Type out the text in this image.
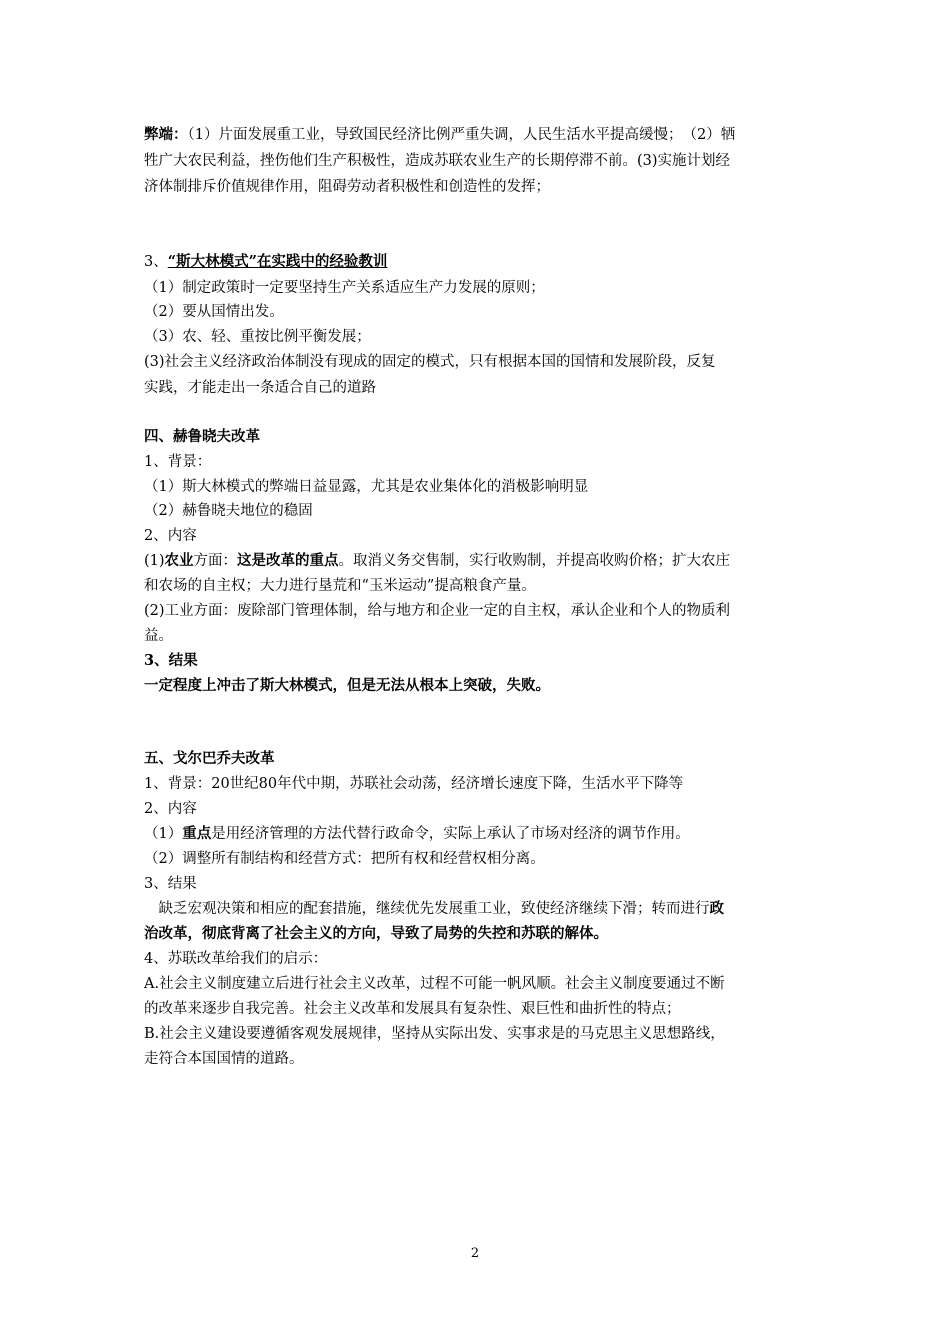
弊端：（1）片面发展重工业，导致国民经济比例严重失调，人民生活水平提高缓慢；　（2）牺
牲广大农民利益，挫伤他们生产积极性，造成苏联农业生产的长期停滞不前。(3)实施计划经
济体制排斥价值规律作用，阻碍劳动者积极性和创造性的发挥；
3、“斯大林模式”在实践中的经验教训
（1）制定政策时一定要坚持生产关系适应生产力发展的原则；
（2）要从国情出发。
（3）农、轻、重按比例平衡发展；
(3)社会主义经济政治体制没有现成的固定的模式，只有根据本国的国情和发展阶段，反复
实践，才能走出一条适合自己的道路
四、赫鲁晓夫改革
1、背景：
（1）斯大林模式的弊端日益显露，尤其是农业集体化的消极影响明显
（2）赫鲁晓夫地位的稳固
2、内容
(1)农业方面：这是改革的重点。取消义务交售制，实行收购制，并提高收购价格；扩大农庄
和农场的自主权；大力进行垦荒和“玉米运动”提高粮食产量。
(2)工业方面：废除部门管理体制，给与地方和企业一定的自主权，承认企业和个人的物质利
益。
3、结果
一定程度上冲击了斯大林模式，但是无法从根本上突破，失败。
五、戈尔巴乔夫改革
1、背景：20世纪80年代中期，苏联社会动荡，经济增长速度下降，生活水平下降等
2、内容
（1）重点是用经济管理的方法代替行政命令，实际上承认了市场对经济的调节作用。
（2）调整所有制结构和经营方式：把所有权和经营权相分离。
3、结果
　缺乏宏观决策和相应的配套措施，继续优先发展重工业，致使经济继续下滑；转而进行政
治改革，彻底背离了社会主义的方向，导致了局势的失控和苏联的解体。
4、苏联改革给我们的启示：
A.社会主义制度建立后进行社会主义改革，过程不可能一帆风顺。社会主义制度要通过不断
的改革来逐步自我完善。社会主义改革和发展具有复杂性、艰巨性和曲折性的特点；
B.社会主义建设要遵循客观发展规律，坚持从实际出发、实事求是的马克思主义思想路线，
走符合本国国情的道路。
2
